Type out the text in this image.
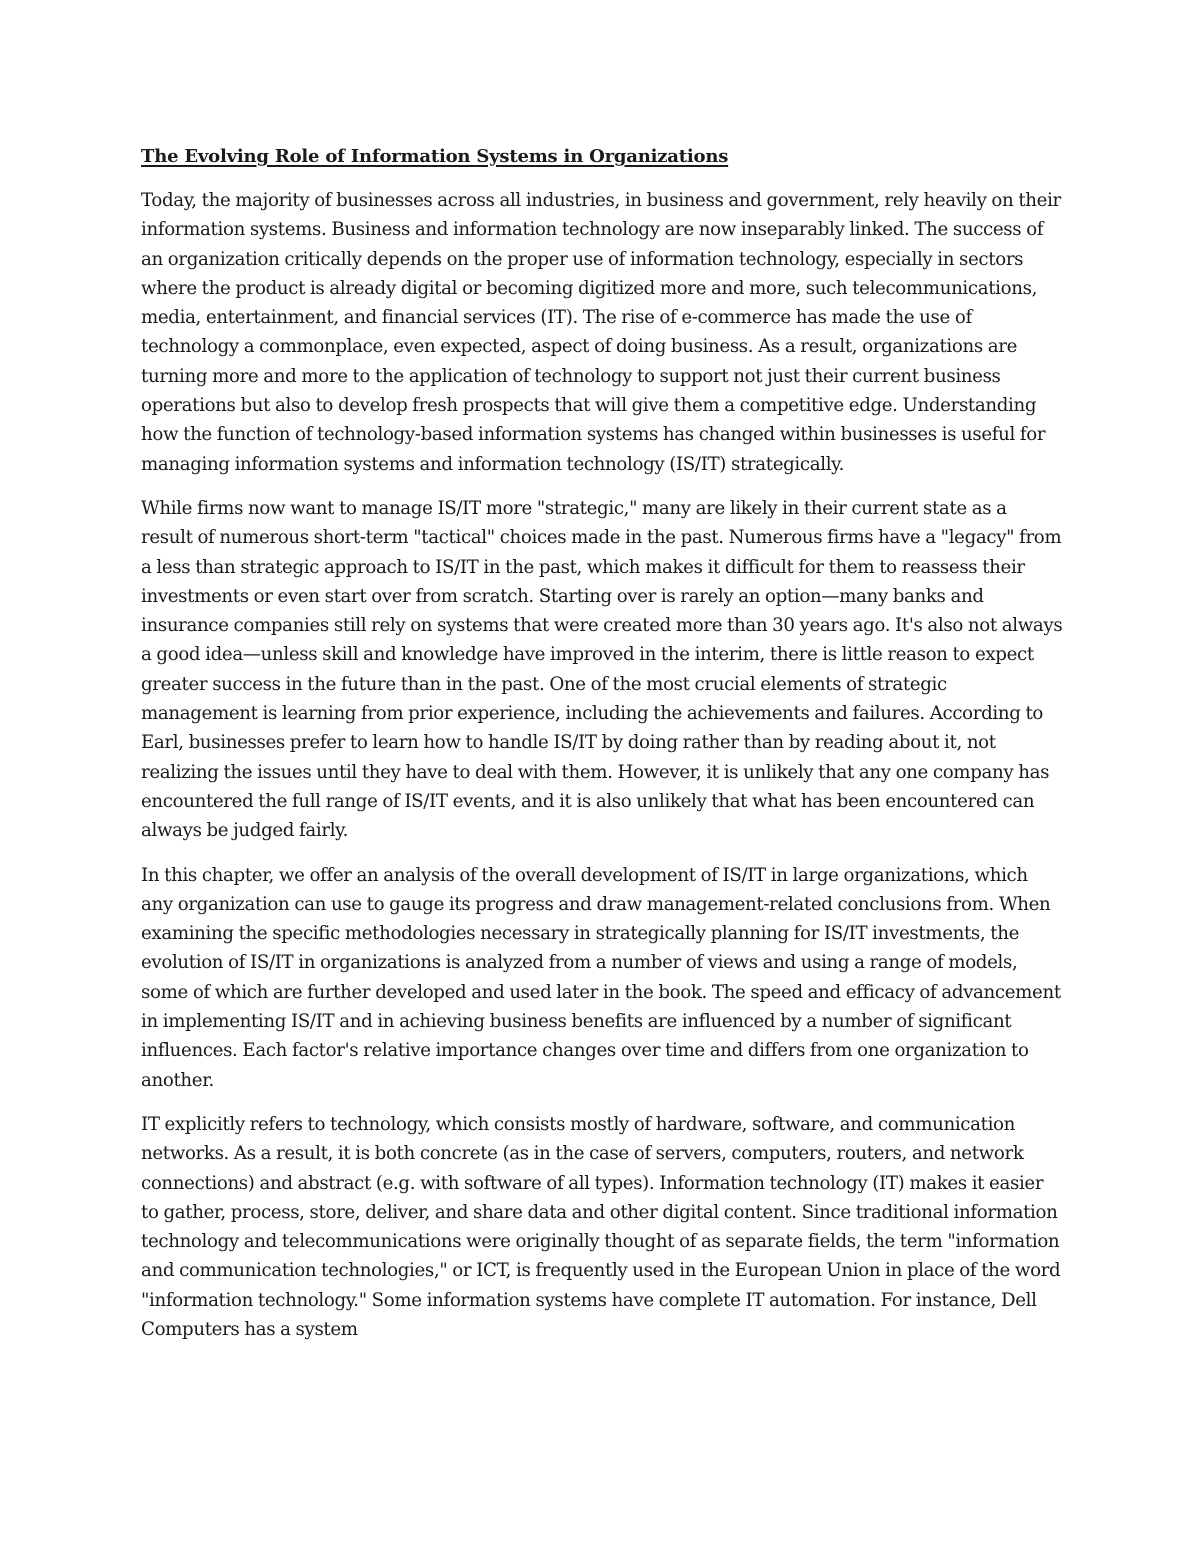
The Evolving Role of Information Systems in Organizations

Today, the majority of businesses across all industries, in business and government, rely heavily on their information systems. Business and information technology are now inseparably linked. The success of an organization critically depends on the proper use of information technology, especially in sectors where the product is already digital or becoming digitized more and more, such telecommunications, media, entertainment, and financial services (IT). The rise of e-commerce has made the use of technology a commonplace, even expected, aspect of doing business. As a result, organizations are turning more and more to the application of technology to support not just their current business operations but also to develop fresh prospects that will give them a competitive edge. Understanding how the function of technology-based information systems has changed within businesses is useful for managing information systems and information technology (IS/IT) strategically.

While firms now want to manage IS/IT more "strategic," many are likely in their current state as a result of numerous short-term "tactical" choices made in the past. Numerous firms have a "legacy" from a less than strategic approach to IS/IT in the past, which makes it difficult for them to reassess their investments or even start over from scratch. Starting over is rarely an option—many banks and insurance companies still rely on systems that were created more than 30 years ago. It's also not always a good idea—unless skill and knowledge have improved in the interim, there is little reason to expect greater success in the future than in the past. One of the most crucial elements of strategic management is learning from prior experience, including the achievements and failures. According to Earl, businesses prefer to learn how to handle IS/IT by doing rather than by reading about it, not realizing the issues until they have to deal with them. However, it is unlikely that any one company has encountered the full range of IS/IT events, and it is also unlikely that what has been encountered can always be judged fairly.

In this chapter, we offer an analysis of the overall development of IS/IT in large organizations, which any organization can use to gauge its progress and draw management-related conclusions from. When examining the specific methodologies necessary in strategically planning for IS/IT investments, the evolution of IS/IT in organizations is analyzed from a number of views and using a range of models, some of which are further developed and used later in the book. The speed and efficacy of advancement in implementing IS/IT and in achieving business benefits are influenced by a number of significant influences. Each factor's relative importance changes over time and differs from one organization to another.

IT explicitly refers to technology, which consists mostly of hardware, software, and communication networks. As a result, it is both concrete (as in the case of servers, computers, routers, and network connections) and abstract (e.g. with software of all types). Information technology (IT) makes it easier to gather, process, store, deliver, and share data and other digital content. Since traditional information technology and telecommunications were originally thought of as separate fields, the term "information and communication technologies," or ICT, is frequently used in the European Union in place of the word "information technology." Some information systems have complete IT automation. For instance, Dell Computers has a system
